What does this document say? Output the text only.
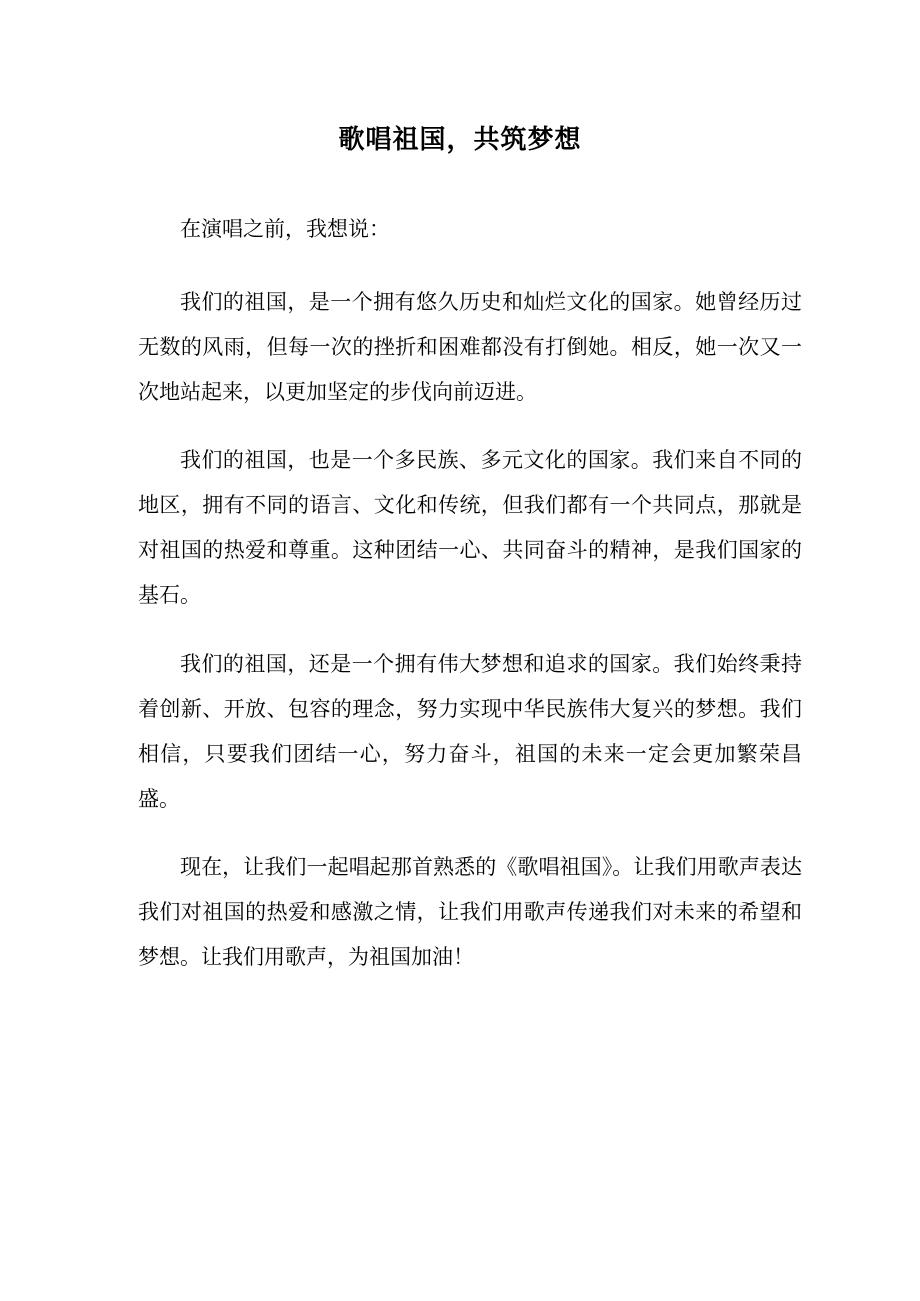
歌唱祖国，共筑梦想

在演唱之前，我想说：

我们的祖国，是一个拥有悠久历史和灿烂文化的国家。她曾经历过无数的风雨，但每一次的挫折和困难都没有打倒她。相反，她一次又一次地站起来，以更加坚定的步伐向前迈进。

我们的祖国，也是一个多民族、多元文化的国家。我们来自不同的地区，拥有不同的语言、文化和传统，但我们都有一个共同点，那就是对祖国的热爱和尊重。这种团结一心、共同奋斗的精神，是我们国家的基石。

我们的祖国，还是一个拥有伟大梦想和追求的国家。我们始终秉持着创新、开放、包容的理念，努力实现中华民族伟大复兴的梦想。我们相信，只要我们团结一心，努力奋斗，祖国的未来一定会更加繁荣昌盛。

现在，让我们一起唱起那首熟悉的《歌唱祖国》。让我们用歌声表达我们对祖国的热爱和感激之情，让我们用歌声传递我们对未来的希望和梦想。让我们用歌声，为祖国加油！
